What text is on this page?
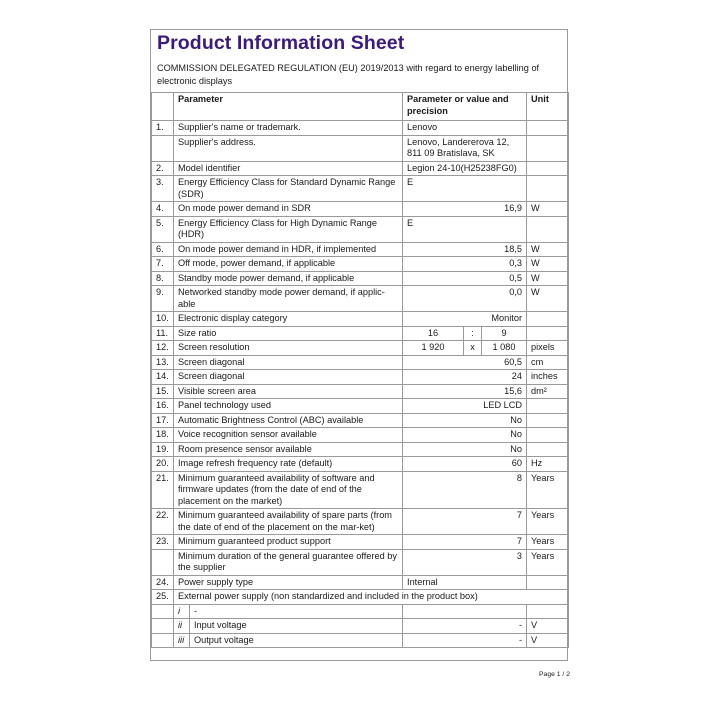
Product Information Sheet
COMMISSION DELEGATED REGULATION (EU) 2019/2013 with regard to energy labelling of electronic displays
	Parameter		Parameter or value and precision			Unit
1.	Supplier's name or trademark.		Lenovo			
	Supplier's address.		Lenovo, Landererova 12, 811 09 Bratislava, SK			
2.	Model identifier		Legion 24-10(H25238FG0)			
3.	Energy Efficiency Class for Standard Dynamic Range (SDR)		E			
4.	On mode power demand in SDR		16,9			W
5.	Energy Efficiency Class for High Dynamic Range (HDR)		E			
6.	On mode power demand in HDR, if implemented		18,5			W
7.	Off mode, power demand, if applicable		0,3			W
8.	Standby mode power demand, if applicable		0,5			W
9.	Networked standby mode power demand, if applic-able		0,0			W
10.	Electronic display category		Monitor			
11.	Size ratio		16	:	9	
12.	Screen resolution		1 920	x	1 080	pixels
13.	Screen diagonal		60,5			cm
14.	Screen diagonal		24			inches
15.	Visible screen area		15,6			dm²
16.	Panel technology used		LED LCD			
17.	Automatic Brightness Control (ABC) available		No			
18.	Voice recognition sensor available		No			
19.	Room presence sensor available		No			
20.	Image refresh frequency rate (default)		60			Hz
21.	Minimum guaranteed availability of software and firmware updates (from the date of end of the placement on the market)		8			Years
22.	Minimum guaranteed availability of spare parts (from the date of end of the placement on the mar-ket)		7			Years
23.	Minimum guaranteed product support		7			Years
	Minimum duration of the general guarantee offered by the supplier		3			Years
24.	Power supply type		Internal			
25.	External power supply (non standardized and included in the product box)					
	i	-				
	ii	Input voltage	-			V
	iii	Output voltage	-			V
Page 1 / 2
